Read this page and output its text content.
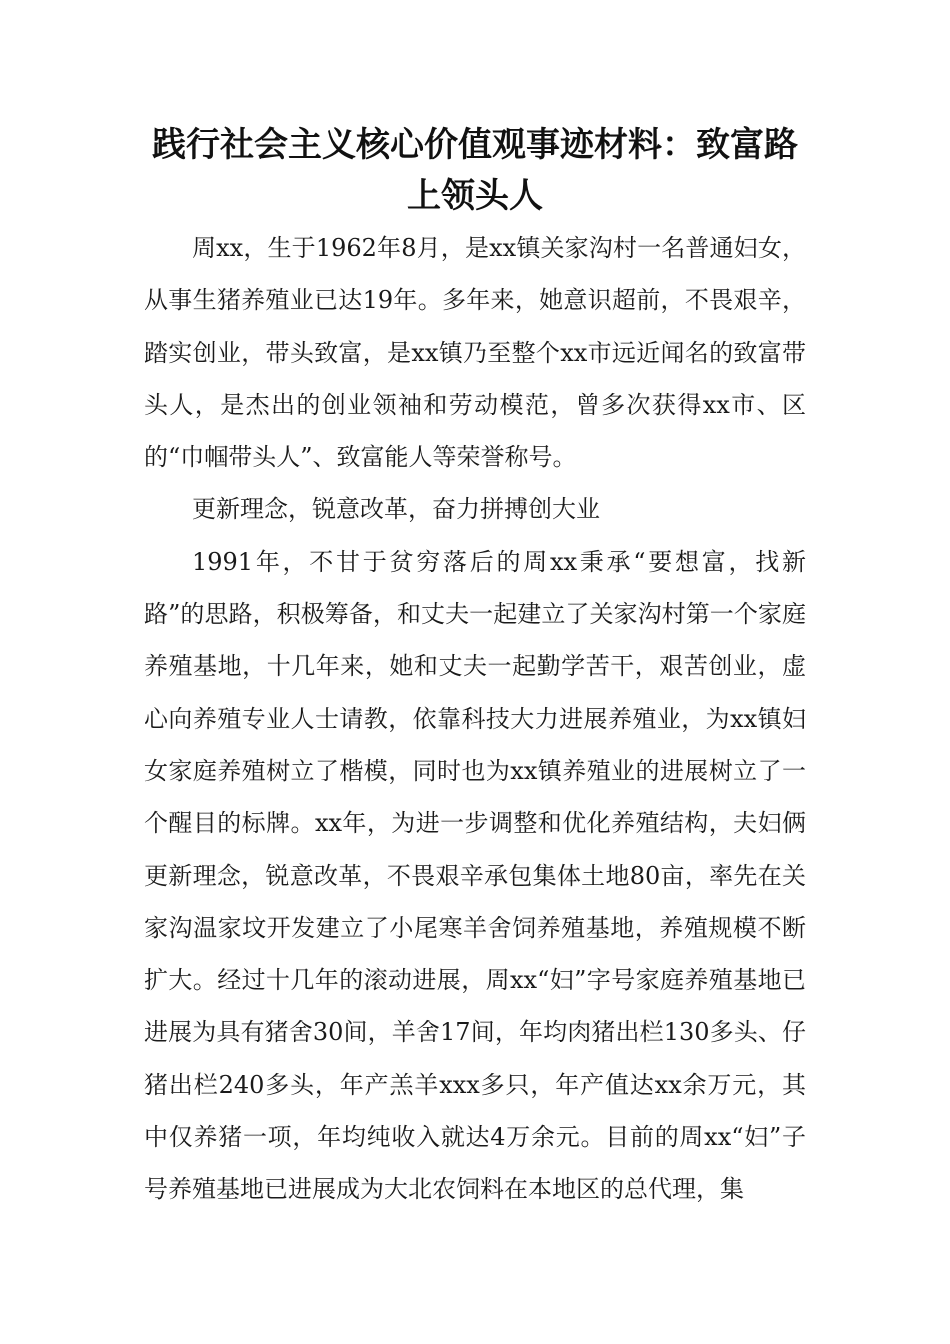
践行社会主义核心价值观事迹材料：致富路上领头人

周xx，生于1962年8月，是xx镇关家沟村一名普通妇女，从事生猪养殖业已达19年。多年来，她意识超前，不畏艰辛，踏实创业，带头致富，是xx镇乃至整个xx市远近闻名的致富带头人，是杰出的创业领袖和劳动模范，曾多次获得xx市、区的“巾帼带头人”、致富能人等荣誉称号。

更新理念，锐意改革，奋力拼搏创大业

1991年，不甘于贫穷落后的周xx秉承“要想富，找新路”的思路，积极筹备，和丈夫一起建立了关家沟村第一个家庭养殖基地，十几年来，她和丈夫一起勤学苦干，艰苦创业，虚心向养殖专业人士请教，依靠科技大力进展养殖业，为xx镇妇女家庭养殖树立了楷模，同时也为xx镇养殖业的进展树立了一个醒目的标牌。xx年，为进一步调整和优化养殖结构，夫妇俩更新理念，锐意改革，不畏艰辛承包集体土地80亩，率先在关家沟温家坟开发建立了小尾寒羊舍饲养殖基地，养殖规模不断扩大。经过十几年的滚动进展，周xx“妇”字号家庭养殖基地已进展为具有猪舍30间，羊舍17间，年均肉猪出栏130多头、仔猪出栏240多头，年产羔羊xxx多只，年产值达xx余万元，其中仅养猪一项，年均纯收入就达4万余元。目前的周xx“妇”子号养殖基地已进展成为大北农饲料在本地区的总代理，集
